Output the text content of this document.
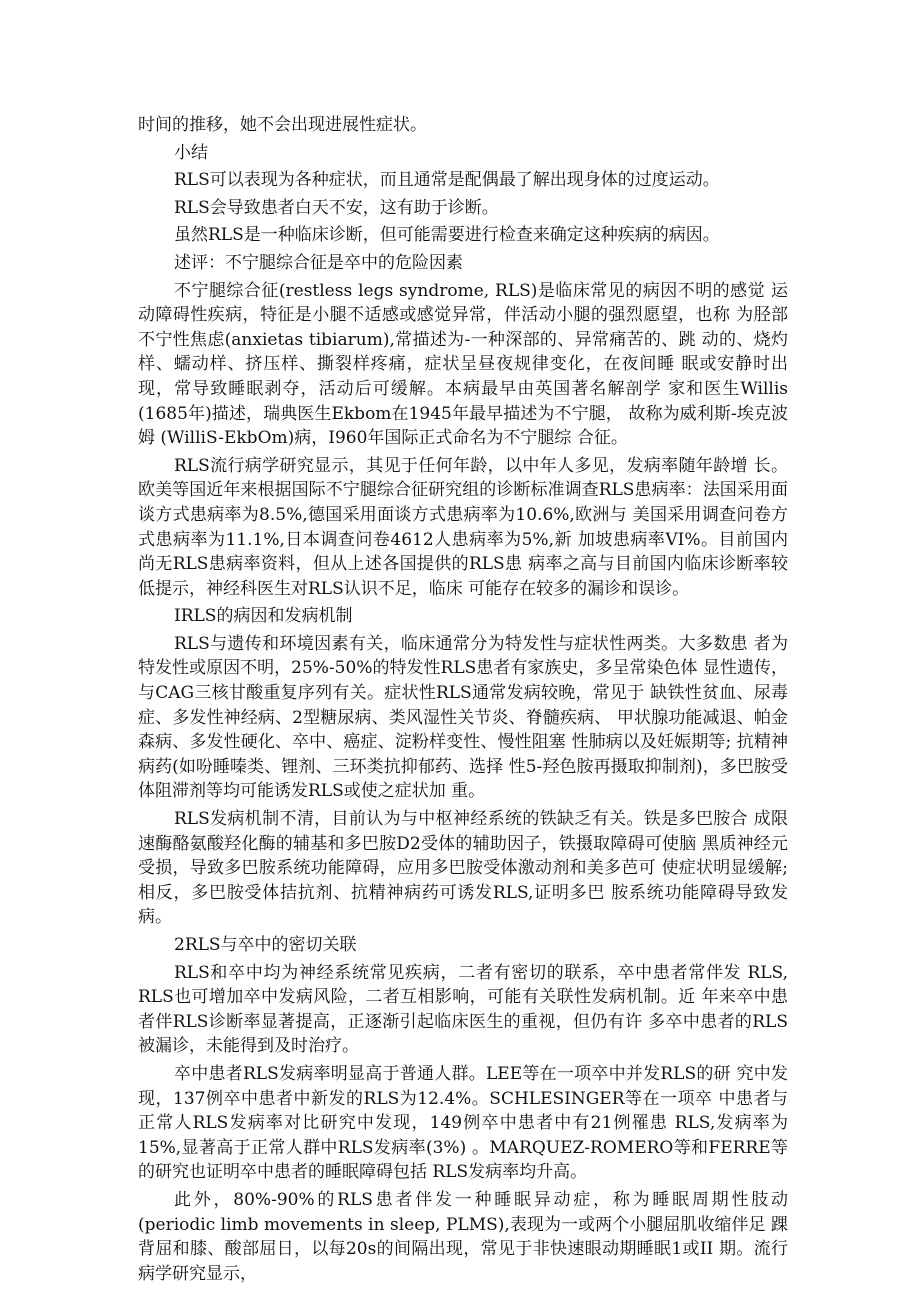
时间的推移，她不会出现进展性症状。

小结

RLS可以表现为各种症状，而且通常是配偶最了解出现身体的过度运动。

RLS会导致患者白天不安，这有助于诊断。

虽然RLS是一种临床诊断，但可能需要进行检查来确定这种疾病的病因。

述评：不宁腿综合征是卒中的危险因素

不宁腿综合征(restless legs syndrome, RLS)是临床常见的病因不明的感觉 运动障碍性疾病，特征是小腿不适感或感觉异常，伴活动小腿的强烈愿望，也称 为胫部不宁性焦虑(anxietas tibiarum),常描述为-一种深部的、异常痛苦的、跳 动的、烧灼样、蠕动样、挤压样、撕裂样疼痛，症状呈昼夜规律变化，在夜间睡 眠或安静时出现，常导致睡眠剥夺，活动后可缓解。本病最早由英国著名解剖学 家和医生Willis (1685年)描述，瑞典医生Ekbom在1945年最早描述为不宁腿， 故称为威利斯-埃克波姆 (WilliS-EkbOm)病，I960年国际正式命名为不宁腿综 合征。

RLS流行病学研究显示，其见于任何年龄，以中年人多见，发病率随年龄增 长。欧美等国近年来根据国际不宁腿综合征研究组的诊断标准调查RLS患病率：法国采用面谈方式患病率为8.5%,德国采用面谈方式患病率为10.6%,欧洲与 美国采用调查问卷方式患病率为11.1%,日本调查问卷4612人患病率为5%,新 加坡患病率VI%。目前国内尚无RLS患病率资料，但从上述各国提供的RLS患 病率之高与目前国内临床诊断率较低提示，神经科医生对RLS认识不足，临床 可能存在较多的漏诊和误诊。

IRLS的病因和发病机制

RLS与遗传和环境因素有关，临床通常分为特发性与症状性两类。大多数患 者为特发性或原因不明，25%-50%的特发性RLS患者有家族史，多呈常染色体 显性遗传，与CAG三核甘酸重复序列有关。症状性RLS通常发病较晚，常见于 缺铁性贫血、尿毒症、多发性神经病、2型糖尿病、类风湿性关节炎、脊髓疾病、 甲状腺功能减退、帕金森病、多发性硬化、卒中、癌症、淀粉样变性、慢性阻塞 性肺病以及妊娠期等; 抗精神病药(如吩睡嗪类、锂剂、三环类抗抑郁药、选择 性5-羟色胺再摄取抑制剂)，多巴胺受体阻滞剂等均可能诱发RLS或使之症状加 重。

RLS发病机制不清，目前认为与中枢神经系统的铁缺乏有关。铁是多巴胺合 成限速酶酪氨酸羟化酶的辅基和多巴胺D2受体的辅助因子，铁摄取障碍可使脑 黑质神经元受损，导致多巴胺系统功能障碍，应用多巴胺受体激动剂和美多芭可 使症状明显缓解; 相反，多巴胺受体拮抗剂、抗精神病药可诱发RLS,证明多巴 胺系统功能障碍导致发病。

2RLS与卒中的密切关联

RLS和卒中均为神经系统常见疾病，二者有密切的联系，卒中患者常伴发 RLS, RLS也可增加卒中发病风险，二者互相影响，可能有关联性发病机制。近 年来卒中患者伴RLS诊断率显著提高，正逐渐引起临床医生的重视，但仍有许 多卒中患者的RLS被漏诊，未能得到及时治疗。

卒中患者RLS发病率明显高于普通人群。LEE等在一项卒中并发RLS的研 究中发现，137例卒中患者中新发的RLS为12.4%。SCHLESINGER等在一项卒 中患者与正常人RLS发病率对比研究中发现，149例卒中患者中有21例罹患 RLS,发病率为15%,显著高于正常人群中RLS发病率(3%) 。MARQUEZ-ROMERO等和FERRE等的研究也证明卒中患者的睡眠障碍包括 RLS发病率均升高。

此外，80%-90%的RLS患者伴发一种睡眠异动症，称为睡眠周期性肢动 (periodic limb movements in sleep, PLMS),表现为一或两个小腿屈肌收缩伴足 踝背屈和膝、酸部屈日，以每20s的间隔出现，常见于非快速眼动期睡眠1或II 期。流行病学研究显示，
